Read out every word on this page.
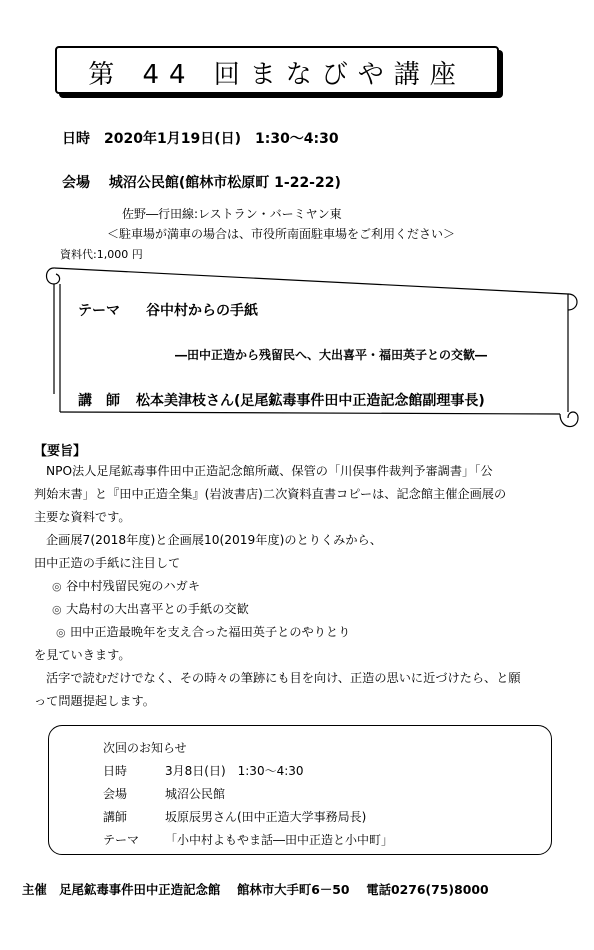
第 44 回まなびや講座
日時　2020年1月19日(日)　1:30〜4:30
会場　 城沼公民館(館林市松原町 1-22-22)
佐野―行田線:レストラン・バーミヤン東
＜駐車場が満車の場合は、市役所南面駐車場をご利用ください＞
資料代:1,000 円
テーマ 谷中村からの手紙
―田中正造から残留民へ、大出喜平・福田英子との交歓―
講　師 松本美津枝さん(足尾鉱毒事件田中正造記念館副理事長)
【要旨】
NPO法人足尾鉱毒事件田中正造記念館所蔵、保管の「川俣事件裁判予審調書」「公
判始末書」と『田中正造全集』(岩波書店)二次資料直書コピーは、記念館主催企画展の
主要な資料です。
企画展7(2018年度)と企画展10(2019年度)のとりくみから、
田中正造の手紙に注目して
◎ 谷中村残留民宛のハガキ
◎ 大島村の大出喜平との手紙の交歓
◎ 田中正造最晩年を支え合った福田英子とのやりとり
を見ていきます。
活字で読むだけでなく、その時々の筆跡にも目を向け、正造の思いに近づけたら、と願
って問題提起します。
次回のお知らせ
日時	3月8日(日)　1:30〜4:30
会場	城沼公民館
講師	坂原辰男さん(田中正造大学事務局長)
テーマ 「小中村よもやま話―田中正造と小中町」
主催　足尾鉱毒事件田中正造記念館　 館林市大手町6－50　 電話0276(75)8000
